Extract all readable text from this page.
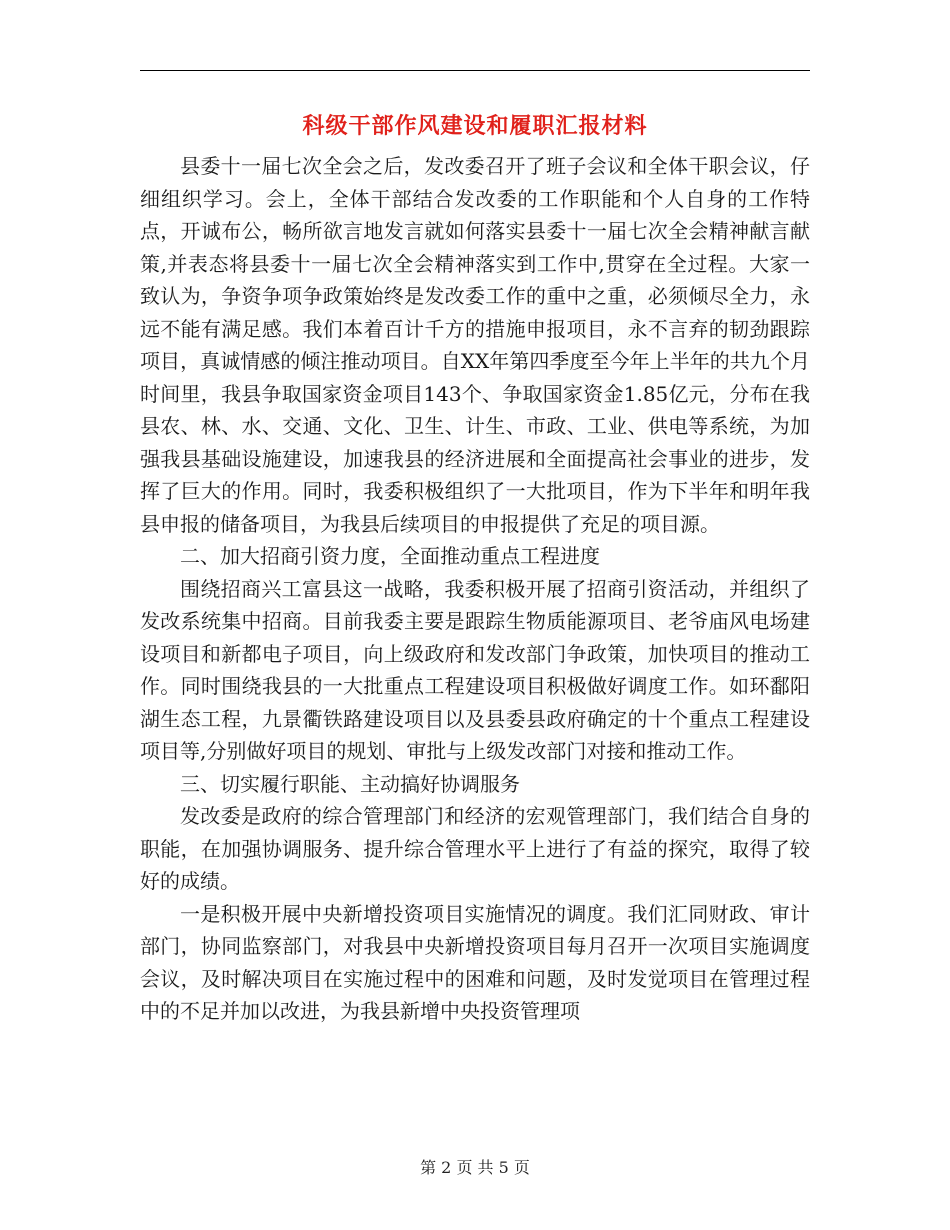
科级干部作风建设和履职汇报材料

县委十一届七次全会之后，发改委召开了班子会议和全体干职会议，仔细组织学习。会上，全体干部结合发改委的工作职能和个人自身的工作特点，开诚布公，畅所欲言地发言就如何落实县委十一届七次全会精神献言献策,并表态将县委十一届七次全会精神落实到工作中,贯穿在全过程。大家一致认为，争资争项争政策始终是发改委工作的重中之重，必须倾尽全力，永远不能有满足感。我们本着百计千方的措施申报项目，永不言弃的韧劲跟踪项目，真诚情感的倾注推动项目。自XX年第四季度至今年上半年的共九个月时间里，我县争取国家资金项目143个、争取国家资金1.85亿元，分布在我县农、林、水、交通、文化、卫生、计生、市政、工业、供电等系统，为加强我县基础设施建设，加速我县的经济进展和全面提高社会事业的进步，发挥了巨大的作用。同时，我委积极组织了一大批项目，作为下半年和明年我县申报的储备项目，为我县后续项目的申报提供了充足的项目源。

二、加大招商引资力度，全面推动重点工程进度

围绕招商兴工富县这一战略，我委积极开展了招商引资活动，并组织了发改系统集中招商。目前我委主要是跟踪生物质能源项目、老爷庙风电场建设项目和新都电子项目，向上级政府和发改部门争政策，加快项目的推动工作。同时围绕我县的一大批重点工程建设项目积极做好调度工作。如环鄱阳湖生态工程，九景衢铁路建设项目以及县委县政府确定的十个重点工程建设项目等,分别做好项目的规划、审批与上级发改部门对接和推动工作。

三、切实履行职能、主动搞好协调服务

发改委是政府的综合管理部门和经济的宏观管理部门，我们结合自身的职能，在加强协调服务、提升综合管理水平上进行了有益的探究，取得了较好的成绩。

一是积极开展中央新增投资项目实施情况的调度。我们汇同财政、审计部门，协同监察部门，对我县中央新增投资项目每月召开一次项目实施调度会议，及时解决项目在实施过程中的困难和问题，及时发觉项目在管理过程中的不足并加以改进，为我县新增中央投资管理项

第 2 页 共 5 页
